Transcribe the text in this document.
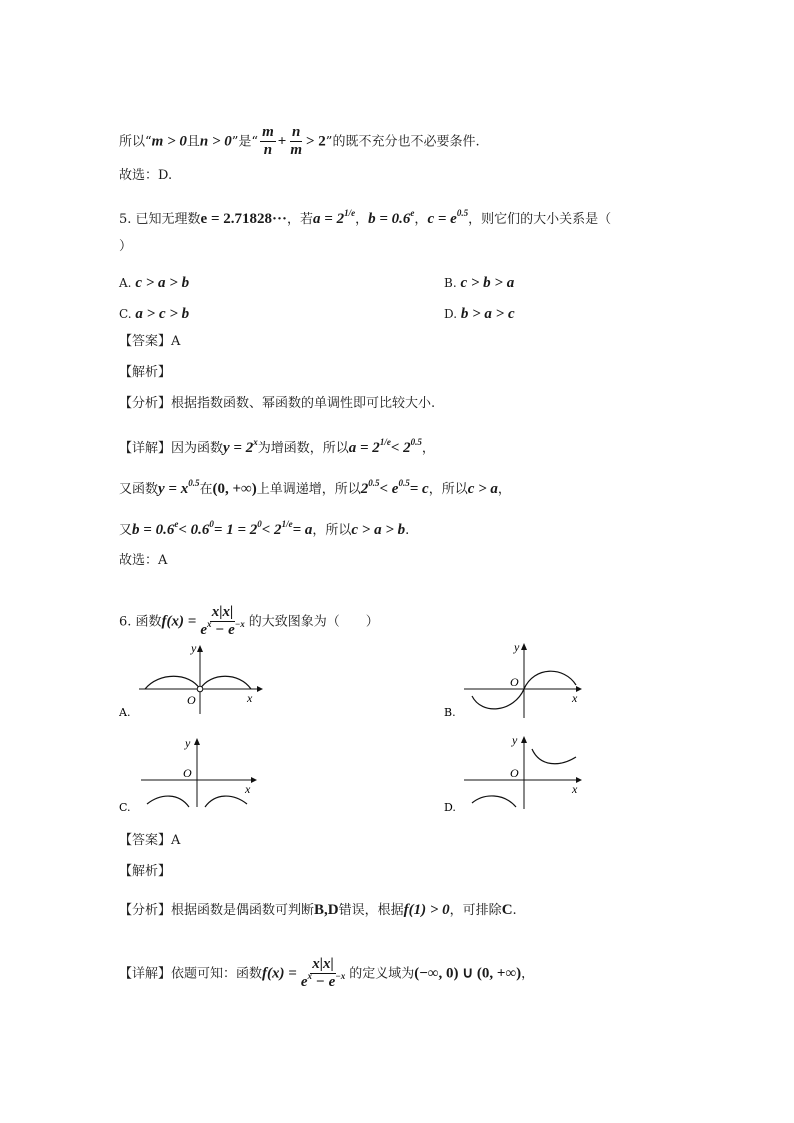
所以“m > 0且n > 0”是“ $\frac{m}{n} + \frac{n}{m} > 2$”的既不充分也不必要条件.
故选：D.
5. 已知无理数e = 2.71828···，若$a = 2^{1/e}$，b = 0.6$^e$，$c = e^{0.5}$，则它们的大小关系是（
）
A. c > a > b	B. c > b > a
C. a > c > b	D. b > a > c
【答案】A
【解析】
【分析】根据指数函数、幂函数的单调性即可比较大小.
【详解】因为函数$y = 2^x$为增函数，所以$a = 2^{1/e}< 2^{0.5}$，
又函数$y = x^{0.5}$在(0, +∞)上单调递增，所以$2^{0.5}< e^{0.5}= c$，所以c > a，
又$b = 0.6^e< 0.6^0= 1 = 2^0< 2^{1/e}= a$，所以c > a > b.
故选：A
6. 函数$f(x) = \frac{x|x|}{e^x - e^{-x}}$ 的大致图象为（　　）
y
x
O
A.
y
x
O
B.
y
x
O
C.
y
x
O
D.
【答案】A
【解析】
【分析】根据函数是偶函数可判断B,D错误，根据f(1) > 0，可排除C.
【详解】依题可知：函数$f(x) = \frac{x|x|}{e^x - e^{-x}}$ 的定义域为(−∞, 0) ∪ (0, +∞)，
